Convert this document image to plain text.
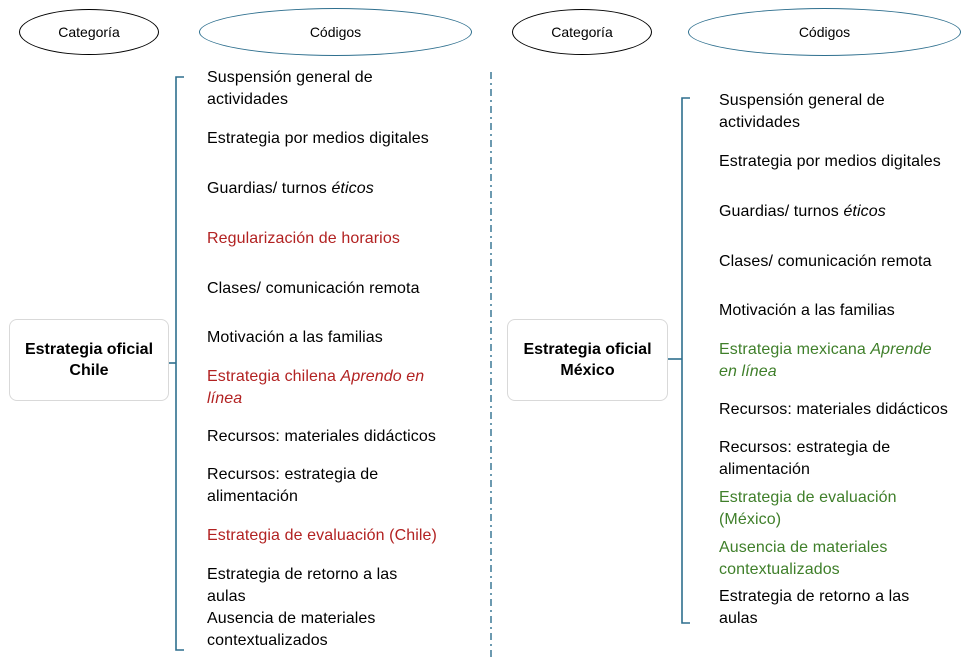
Categoría	Códigos	Categoría	Códigos
Estrategia oficial
Chile
Estrategia oficial
México
Suspensión general de
actividades
Estrategia por medios digitales
Guardias/ turnos éticos
Regularización de horarios
Clases/ comunicación remota
Motivación a las familias
Estrategia chilena Aprendo en
línea
Recursos: materiales didácticos
Recursos: estrategia de
alimentación
Estrategia de evaluación (Chile)
Estrategia de retorno a las
aulas
Ausencia de materiales
contextualizados
Suspensión general de
actividades
Estrategia por medios digitales
Guardias/ turnos éticos
Clases/ comunicación remota
Motivación a las familias
Estrategia mexicana Aprende
en línea
Recursos: materiales didácticos
Recursos: estrategia de
alimentación
Estrategia de evaluación
(México)
Ausencia de materiales
contextualizados
Estrategia de retorno a las
aulas
